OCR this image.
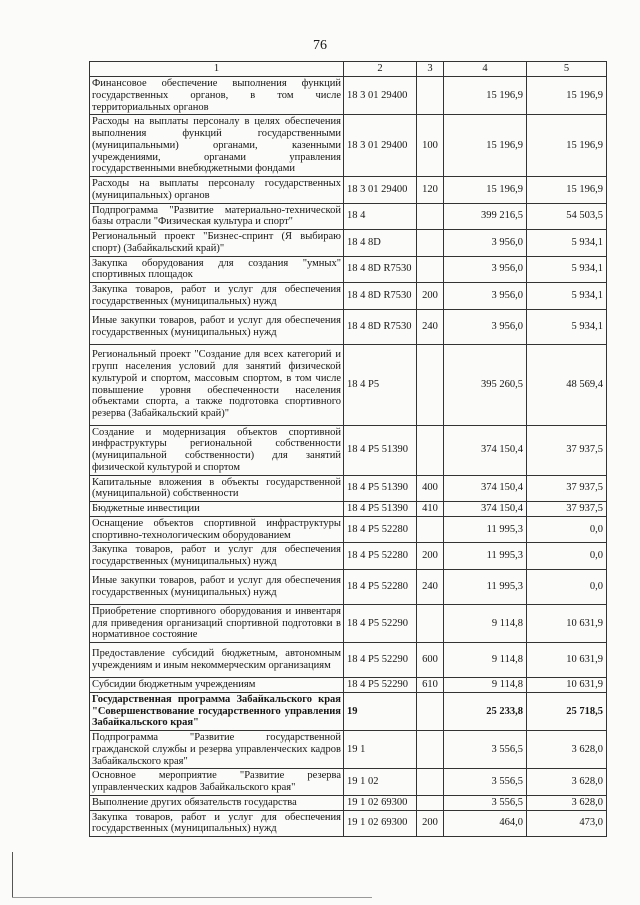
76
1	2	3	4	5
Финансовое обеспечение выполнения функций государственных органов, в том числе территориальных органов	18 3 01 29400		15 196,9	15 196,9
Расходы на выплаты персоналу в целях обеспечения выполнения функций государственными (муниципальными) органами, казенными учреждениями, органами управления государственными внебюджетными фондами	18 3 01 29400	100	15 196,9	15 196,9
Расходы на выплаты персоналу государственных (муниципальных) органов	18 3 01 29400	120	15 196,9	15 196,9
Подпрограмма "Развитие материально-технической базы отрасли "Физическая культура и спорт"	18 4		399 216,5	54 503,5
Региональный проект "Бизнес-спринт (Я выбираю спорт) (Забайкальский край)"	18 4 8D		3 956,0	5 934,1
Закупка оборудования для создания "умных" спортивных площадок	18 4 8D R7530		3 956,0	5 934,1
Закупка товаров, работ и услуг для обеспечения государственных (муниципальных) нужд	18 4 8D R7530	200	3 956,0	5 934,1
Иные закупки товаров, работ и услуг для обеспечения государственных (муниципальных) нужд	18 4 8D R7530	240	3 956,0	5 934,1
Региональный проект "Создание для всех категорий и групп населения условий для занятий физической культурой и спортом, массовым спортом, в том числе повышение уровня обеспеченности населения объектами спорта, а также подготовка спортивного резерва (Забайкальский край)"	18 4 P5		395 260,5	48 569,4
Создание и модернизация объектов спортивной инфраструктуры региональной собственности (муниципальной собственности) для занятий физической культурой и спортом	18 4 P5 51390		374 150,4	37 937,5
Капитальные вложения в объекты государственной (муниципальной) собственности	18 4 P5 51390	400	374 150,4	37 937,5
Бюджетные инвестиции	18 4 P5 51390	410	374 150,4	37 937,5
Оснащение объектов спортивной инфраструктуры спортивно-технологическим оборудованием	18 4 P5 52280		11 995,3	0,0
Закупка товаров, работ и услуг для обеспечения государственных (муниципальных) нужд	18 4 P5 52280	200	11 995,3	0,0
Иные закупки товаров, работ и услуг для обеспечения государственных (муниципальных) нужд	18 4 P5 52280	240	11 995,3	0,0
Приобретение спортивного оборудования и инвентаря для приведения организаций спортивной подготовки в нормативное состояние	18 4 P5 52290		9 114,8	10 631,9
Предоставление субсидий бюджетным, автономным учреждениям и иным некоммерческим организациям	18 4 P5 52290	600	9 114,8	10 631,9
Субсидии бюджетным учреждениям	18 4 P5 52290	610	9 114,8	10 631,9
Государственная программа Забайкальского края "Совершенствование государственного управления Забайкальского края"	19		25 233,8	25 718,5
Подпрограмма "Развитие государственной гражданской службы и резерва управленческих кадров Забайкальского края"	19 1		3 556,5	3 628,0
Основное мероприятие "Развитие резерва управленческих кадров Забайкальского края"	19 1 02		3 556,5	3 628,0
Выполнение других обязательств государства	19 1 02 69300		3 556,5	3 628,0
Закупка товаров, работ и услуг для обеспечения государственных (муниципальных) нужд	19 1 02 69300	200	464,0	473,0
